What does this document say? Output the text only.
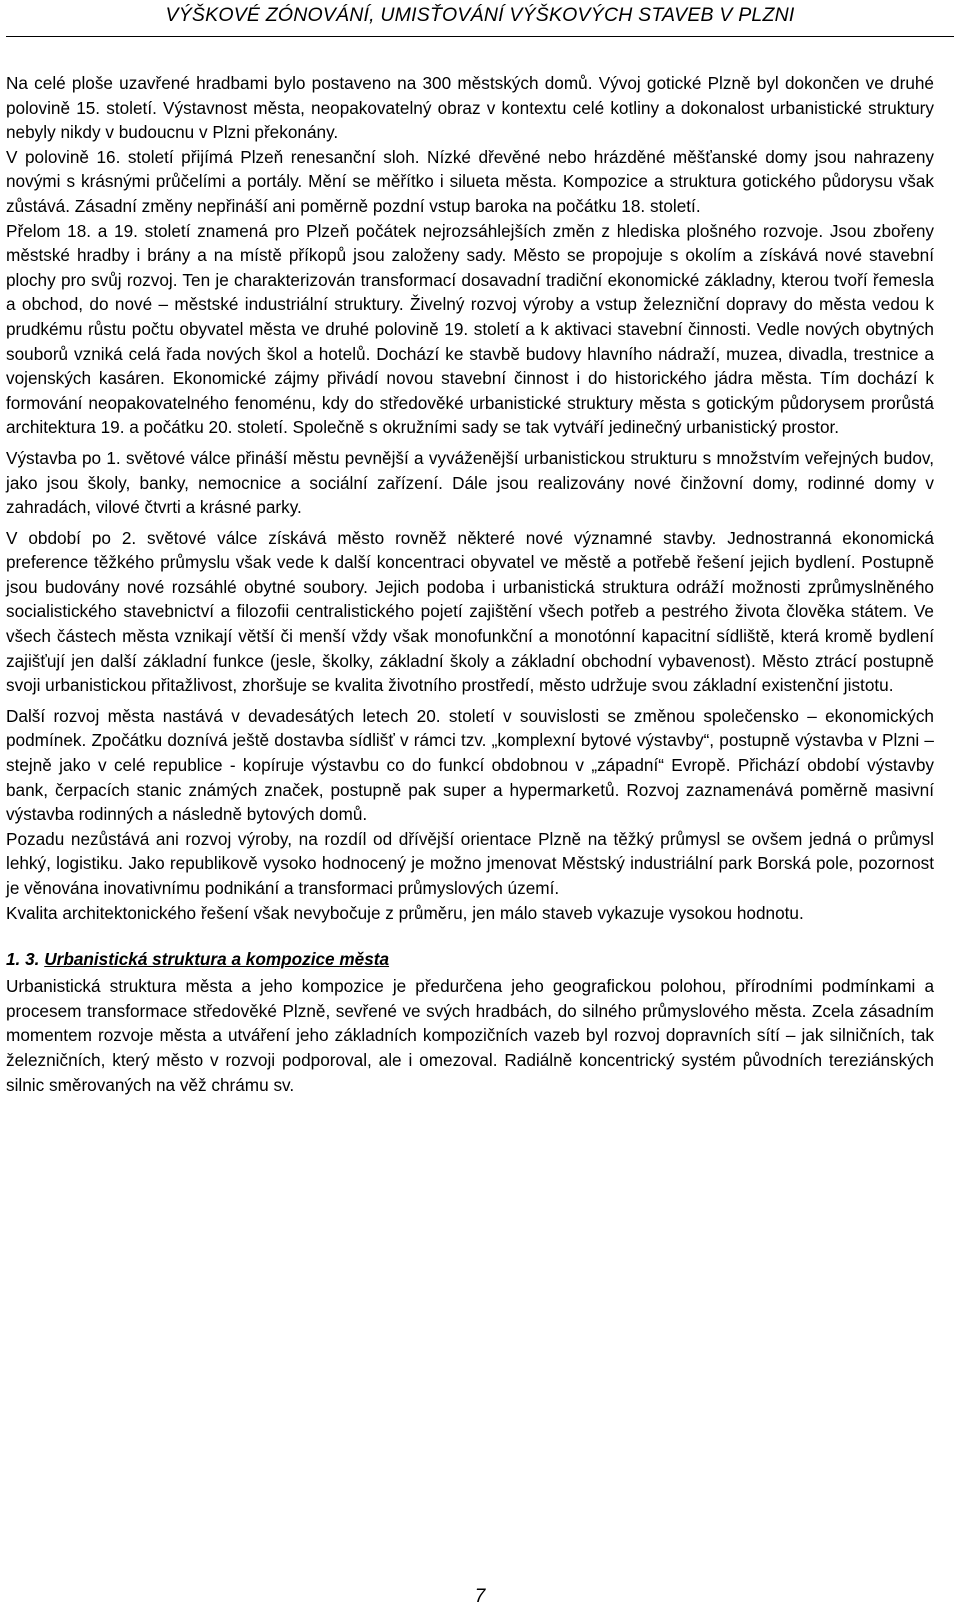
VÝŠKOVÉ ZÓNOVÁNÍ, UMISŤOVÁNÍ VÝŠKOVÝCH STAVEB V PLZNI

Na celé ploše uzavřené hradbami bylo postaveno na 300 městských domů. Vývoj gotické Plzně byl dokončen ve druhé polovině 15. století. Výstavnost města, neopakovatelný obraz v kontextu celé kotliny a dokonalost urbanistické struktury nebyly nikdy v budoucnu v Plzni překonány.

V polovině 16. století přijímá Plzeň renesanční sloh. Nízké dřevěné nebo hrázděné měšťanské domy jsou nahrazeny novými s krásnými průčelími a portály. Mění se měřítko i silueta města. Kompozice a struktura gotického půdorysu však zůstává. Zásadní změny nepřináší ani poměrně pozdní vstup baroka na počátku 18. století.

Přelom 18. a 19. století znamená pro Plzeň počátek nejrozsáhlejších změn z hlediska plošného rozvoje. Jsou zbořeny městské hradby i brány a na místě příkopů jsou založeny sady. Město se propojuje s okolím a získává nové stavební plochy pro svůj rozvoj. Ten je charakterizován transformací dosavadní tradiční ekonomické základny, kterou tvoří řemesla a obchod, do nové – městské industriální struktury. Živelný rozvoj výroby a vstup železniční dopravy do města vedou k prudkému růstu počtu obyvatel města ve druhé polovině 19. století a k aktivaci stavební činnosti. Vedle nových obytných souborů vzniká celá řada nových škol a hotelů. Dochází ke stavbě budovy hlavního nádraží, muzea, divadla, trestnice a vojenských kasáren. Ekonomické zájmy přivádí novou stavební činnost i do historického jádra města. Tím dochází k formování neopakovatelného fenoménu, kdy do středověké urbanistické struktury města s gotickým půdorysem prorůstá architektura 19. a počátku 20. století. Společně s okružními sady se tak vytváří jedinečný urbanistický prostor.

Výstavba po 1. světové válce přináší městu pevnější a vyváženější urbanistickou strukturu s množstvím veřejných budov, jako jsou školy, banky, nemocnice a sociální zařízení. Dále jsou realizovány nové činžovní domy, rodinné domy v zahradách, vilové čtvrti a krásné parky.

V období po 2. světové válce získává město rovněž některé nové významné stavby. Jednostranná ekonomická preference těžkého průmyslu však vede k další koncentraci obyvatel ve městě a potřebě řešení jejich bydlení. Postupně jsou budovány nové rozsáhlé obytné soubory. Jejich podoba i urbanistická struktura odráží možnosti zprůmyslněného socialistického stavebnictví a filozofii centralistického pojetí zajištění všech potřeb a pestrého života člověka státem. Ve všech částech města vznikají větší či menší vždy však monofunkční a monotónní kapacitní sídliště, která kromě bydlení zajišťují jen další základní funkce (jesle, školky, základní školy a základní obchodní vybavenost). Město ztrácí postupně svoji urbanistickou přitažlivost, zhoršuje se kvalita životního prostředí, město udržuje svou základní existenční jistotu.

Další rozvoj města nastává v devadesátých letech 20. století v souvislosti se změnou společensko – ekonomických podmínek. Zpočátku doznívá ještě dostavba sídlišť v rámci tzv. „komplexní bytové výstavby“, postupně výstavba v Plzni – stejně jako v celé republice - kopíruje výstavbu co do funkcí obdobnou v „západní“ Evropě. Přichází období výstavby bank, čerpacích stanic známých značek, postupně pak super a hypermarketů. Rozvoj zaznamenává poměrně masivní výstavba rodinných a následně bytových domů.

Pozadu nezůstává ani rozvoj výroby, na rozdíl od dřívější orientace Plzně na těžký průmysl se ovšem jedná o průmysl lehký, logistiku. Jako republikově vysoko hodnocený je možno jmenovat Městský industriální park Borská pole, pozornost je věnována inovativnímu podnikání a transformaci průmyslových území.

Kvalita architektonického řešení však nevybočuje z průměru, jen málo staveb vykazuje vysokou hodnotu.

1. 3. Urbanistická struktura a kompozice města

Urbanistická struktura města a jeho kompozice je předurčena jeho geografickou polohou, přírodními podmínkami a procesem transformace středověké Plzně, sevřené ve svých hradbách, do silného průmyslového města. Zcela zásadním momentem rozvoje města a utváření jeho základních kompozičních vazeb byl rozvoj dopravních sítí – jak silničních, tak železničních, který město v rozvoji podporoval, ale i omezoval. Radiálně koncentrický systém původních tereziánských silnic směrovaných na věž chrámu sv.

7
